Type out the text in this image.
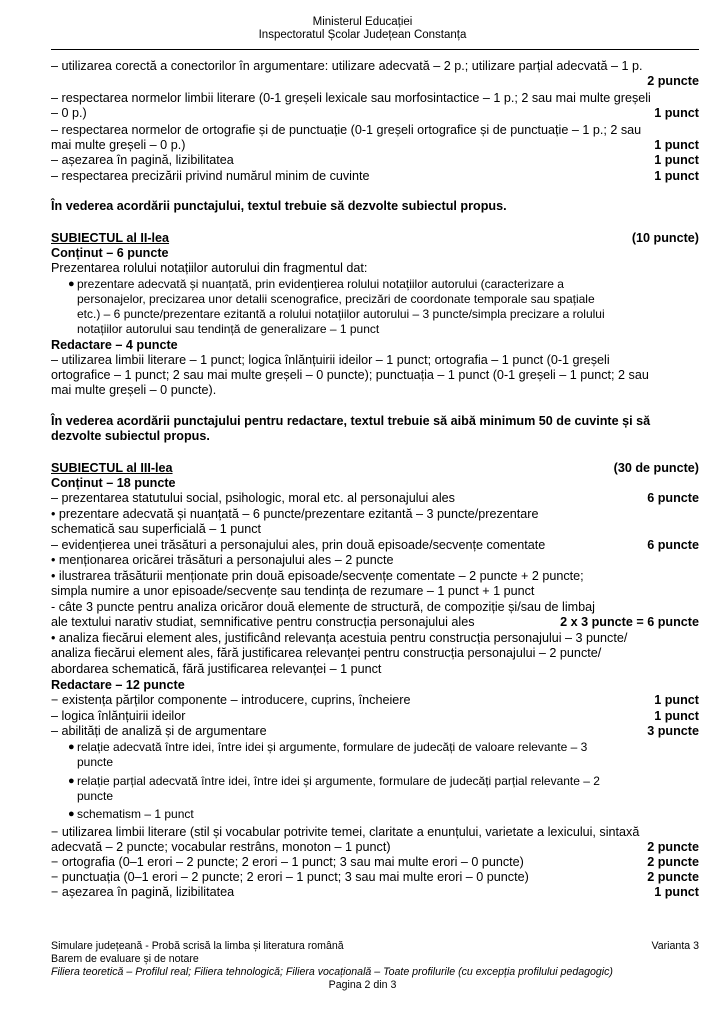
Ministerul Educației
Inspectoratul Școlar Județean Constanța
– utilizarea corectă a conectorilor în argumentare: utilizare adecvată – 2 p.; utilizare parțial adecvată – 1 p.
2 puncte
– respectarea normelor limbii literare (0-1 greșeli lexicale sau morfosintactice – 1 p.; 2 sau mai multe greșeli
– 0 p.)	1 punct
– respectarea normelor de ortografie și de punctuație (0-1 greșeli ortografice și de punctuație – 1 p.; 2 sau
mai multe greșeli – 0 p.)	1 punct
– așezarea în pagină, lizibilitatea	1 punct
– respectarea precizării privind numărul minim de cuvinte	1 punct
În vederea acordării punctajului, textul trebuie să dezvolte subiectul propus.
SUBIECTUL al II-lea	(10 puncte)
Conținut – 6 puncte
Prezentarea rolului notațiilor autorului din fragmentul dat:
● prezentare adecvată și nuanțată, prin evidențierea rolului notațiilor autorului (caracterizare a
personajelor, precizarea unor detalii scenografice, precizări de coordonate temporale sau spațiale
etc.) – 6 puncte/prezentare ezitantă a rolului notațiilor autorului – 3 puncte/simpla precizare a rolului
notațiilor autorului sau tendință de generalizare – 1 punct
Redactare – 4 puncte
– utilizarea limbii literare – 1 punct; logica înlănțuirii ideilor – 1 punct; ortografia – 1 punct (0-1 greșeli
ortografice – 1 punct; 2 sau mai multe greșeli – 0 puncte); punctuația – 1 punct (0-1 greșeli – 1 punct; 2 sau
mai multe greșeli – 0 puncte).
În vederea acordării punctajului pentru redactare, textul trebuie să aibă minimum 50 de cuvinte și să
dezvolte subiectul propus.
SUBIECTUL al III-lea	(30 de puncte)
Conținut – 18 puncte
– prezentarea statutului social, psihologic, moral etc. al personajului ales	6 puncte
• prezentare adecvată și nuanțată – 6 puncte/prezentare ezitantă – 3 puncte/prezentare
schematică sau superficială – 1 punct
– evidențierea unei trăsături a personajului ales, prin două episoade/secvențe comentate	6 puncte
• menționarea oricărei trăsături a personajului ales – 2 puncte
• ilustrarea trăsăturii menționate prin două episoade/secvențe comentate – 2 puncte + 2 puncte;
simpla numire a unor episoade/secvențe sau tendința de rezumare – 1 punct + 1 punct
- câte 3 puncte pentru analiza oricăror două elemente de structură, de compoziție și/sau de limbaj
ale textului narativ studiat, semnificative pentru construcția personajului ales	2 x 3 puncte = 6 puncte
• analiza fiecărui element ales, justificând relevanța acestuia pentru construcția personajului – 3 puncte/
analiza fiecărui element ales, fără justificarea relevanței pentru construcția personajului – 2 puncte/
abordarea schematică, fără justificarea relevanței – 1 punct
Redactare – 12 puncte
− existența părților componente – introducere, cuprins, încheiere	1 punct
– logica înlănțuirii ideilor	1 punct
– abilități de analiză și de argumentare	3 puncte
● relație adecvată între idei, între idei și argumente, formulare de judecăți de valoare relevante – 3
puncte
● relație parțial adecvată între idei, între idei și argumente, formulare de judecăți parțial relevante – 2
puncte
● schematism – 1 punct
− utilizarea limbii literare (stil și vocabular potrivite temei, claritate a enunțului, varietate a lexicului, sintaxă
adecvată – 2 puncte; vocabular restrâns, monoton – 1 punct)	2 puncte
− ortografia (0–1 erori – 2 puncte; 2 erori – 1 punct; 3 sau mai multe erori – 0 puncte)	2 puncte
− punctuația (0–1 erori – 2 puncte; 2 erori – 1 punct; 3 sau mai multe erori – 0 puncte)	2 puncte
− așezarea în pagină, lizibilitatea	1 punct
Simulare județeană - Probă scrisă la limba și literatura română	Varianta 3
Barem de evaluare și de notare
Filiera teoretică – Profilul real; Filiera tehnologică; Filiera vocațională – Toate profilurile (cu excepția profilului pedagogic)
Pagina 2 din 3
